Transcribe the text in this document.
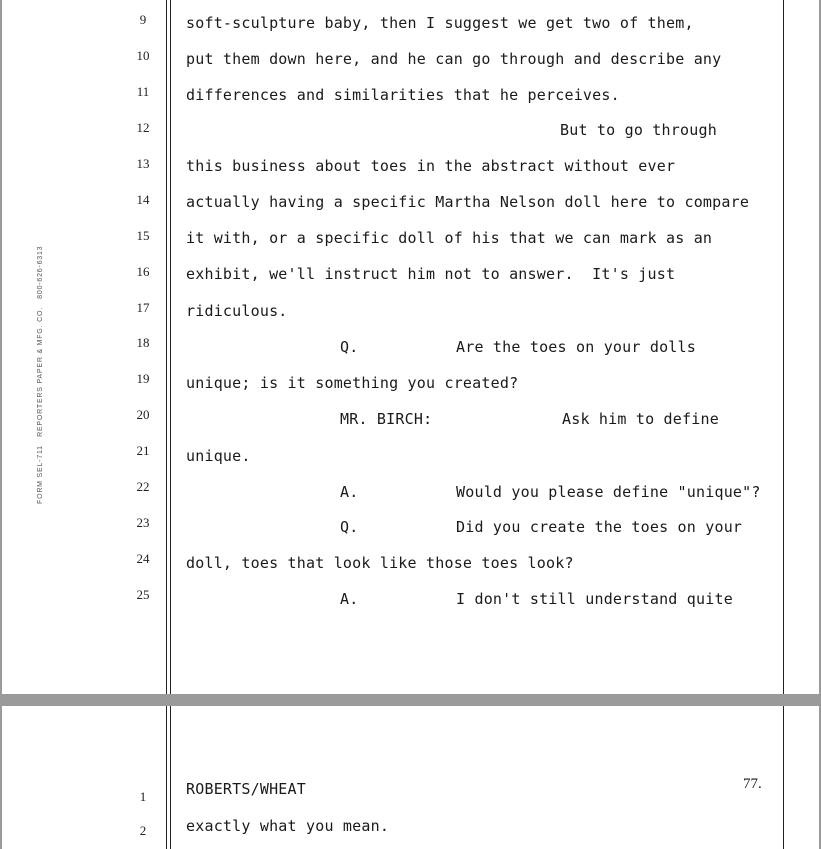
FORM SEL-711   REPORTERS PAPER & MFG. CO.   800-626-6313
9	soft-sculpture baby, then I suggest we get two of them,
10	put them down here, and he can go through and describe any
11	differences and similarities that he perceives.
12	But to go through
13	this business about toes in the abstract without ever
14	actually having a specific Martha Nelson doll here to compare
15	it with, or a specific doll of his that we can mark as an
16	exhibit, we'll instruct him not to answer.  It's just
17	ridiculous.
18	Q.	Are the toes on your dolls
19	unique; is it something you created?
20	MR. BIRCH:	Ask him to define
21	unique.
22	A.	Would you please define "unique"?
23	Q.	Did you create the toes on your
24	doll, toes that look like those toes look?
25	A.	I don't still understand quite
77.
1	ROBERTS/WHEAT
2	exactly what you mean.
